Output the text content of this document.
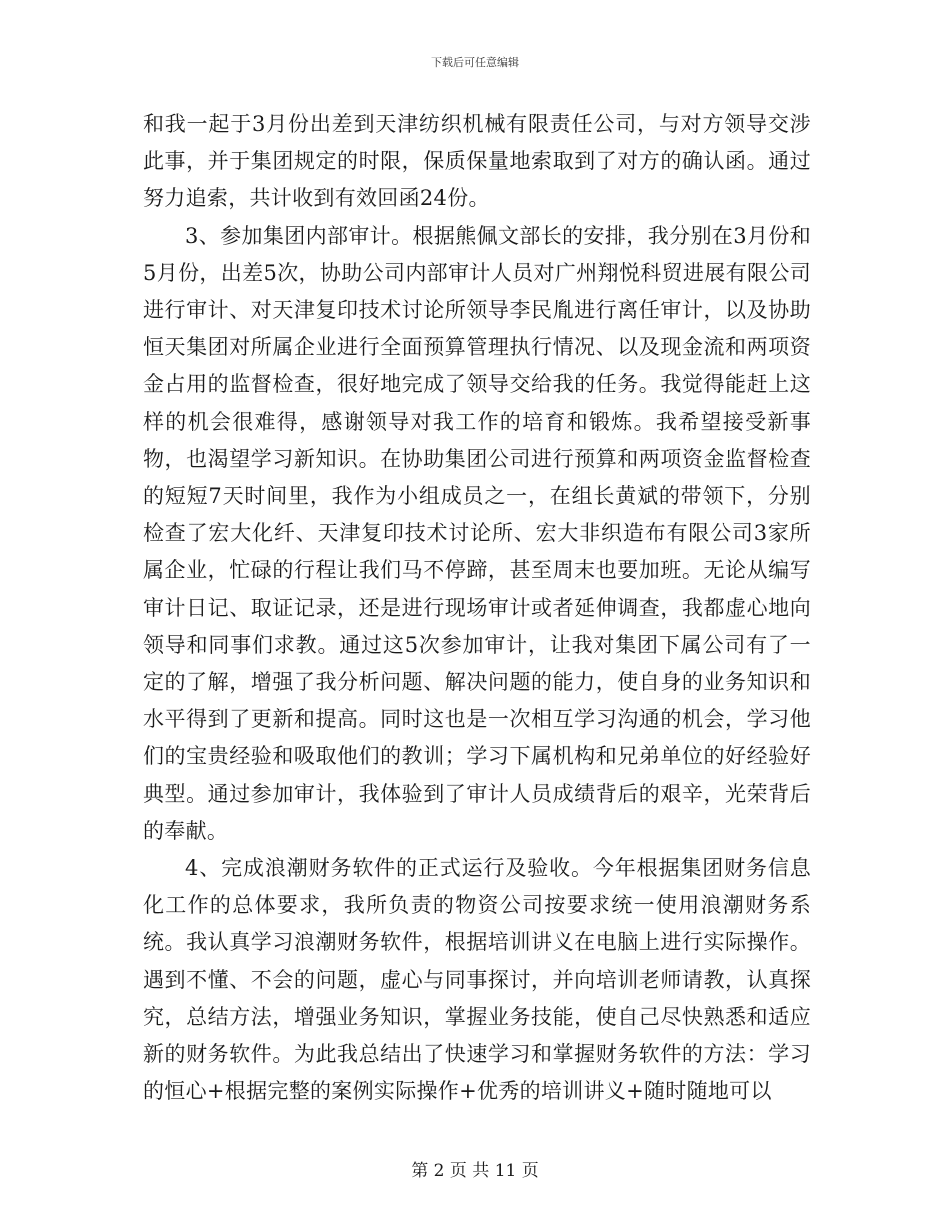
下载后可任意编辑

和我一起于3月份出差到天津纺织机械有限责任公司，与对方领导交涉此事，并于集团规定的时限，保质保量地索取到了对方的确认函。通过努力追索，共计收到有效回函24份。

3、参加集团内部审计。根据熊佩文部长的安排，我分别在3月份和5月份，出差5次，协助公司内部审计人员对广州翔悦科贸进展有限公司进行审计、对天津复印技术讨论所领导李民胤进行离任审计，以及协助恒天集团对所属企业进行全面预算管理执行情况、以及现金流和两项资金占用的监督检查，很好地完成了领导交给我的任务。我觉得能赶上这样的机会很难得，感谢领导对我工作的培育和锻炼。我希望接受新事物，也渴望学习新知识。在协助集团公司进行预算和两项资金监督检查的短短7天时间里，我作为小组成员之一，在组长黄斌的带领下，分别检查了宏大化纤、天津复印技术讨论所、宏大非织造布有限公司3家所属企业，忙碌的行程让我们马不停蹄，甚至周末也要加班。无论从编写审计日记、取证记录，还是进行现场审计或者延伸调查，我都虚心地向领导和同事们求教。通过这5次参加审计，让我对集团下属公司有了一定的了解，增强了我分析问题、解决问题的能力，使自身的业务知识和水平得到了更新和提高。同时这也是一次相互学习沟通的机会，学习他们的宝贵经验和吸取他们的教训；学习下属机构和兄弟单位的好经验好典型。通过参加审计，我体验到了审计人员成绩背后的艰辛，光荣背后的奉献。

4、完成浪潮财务软件的正式运行及验收。今年根据集团财务信息化工作的总体要求，我所负责的物资公司按要求统一使用浪潮财务系统。我认真学习浪潮财务软件，根据培训讲义在电脑上进行实际操作。遇到不懂、不会的问题，虚心与同事探讨，并向培训老师请教，认真探究，总结方法，增强业务知识，掌握业务技能，使自己尽快熟悉和适应新的财务软件。为此我总结出了快速学习和掌握财务软件的方法：学习的恒心+根据完整的案例实际操作+优秀的培训讲义+随时随地可以

第 2 页 共 11 页
